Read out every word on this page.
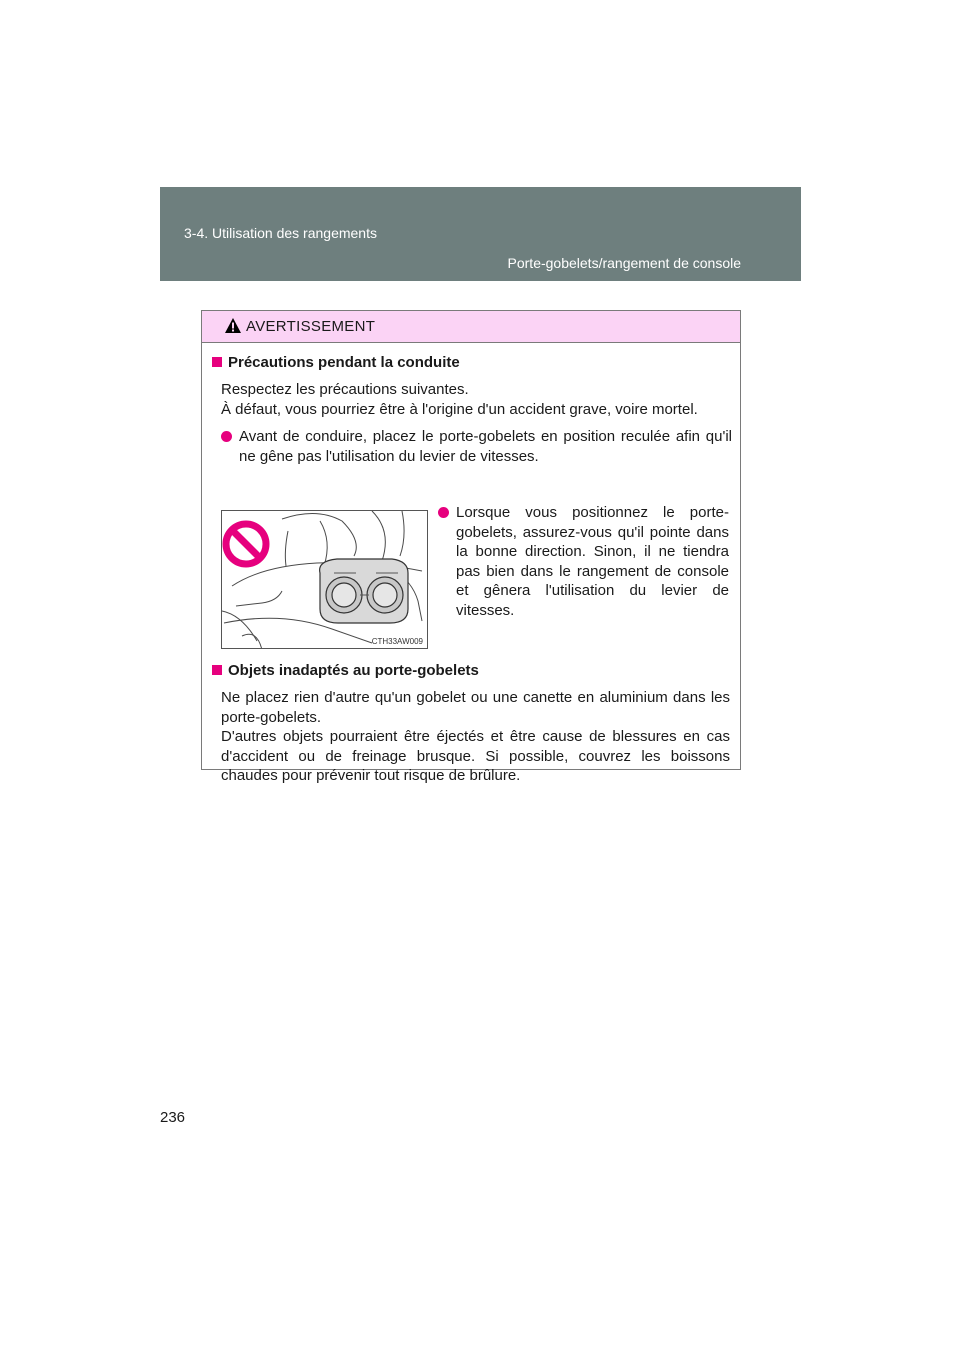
3-4. Utilisation des rangements
Porte-gobelets/rangement de console
AVERTISSEMENT
Précautions pendant la conduite
Respectez les précautions suivantes.
À défaut, vous pourriez être à l'origine d'un accident grave, voire mortel.
Avant de conduire, placez le porte-gobelets en position reculée afin qu'il ne gêne pas l'utilisation du levier de vitesses.
CTH33AW009
Lorsque vous positionnez le porte-gobelets, assurez-vous qu'il pointe dans la bonne direction. Sinon, il ne tiendra pas bien dans le rangement de console et gênera l'utilisation du levier de vitesses.
Objets inadaptés au porte-gobelets
Ne placez rien d'autre qu'un gobelet ou une canette en aluminium dans les porte-gobelets.
D'autres objets pourraient être éjectés et être cause de blessures en cas d'accident ou de freinage brusque. Si possible, couvrez les boissons chaudes pour prévenir tout risque de brûlure.
236
